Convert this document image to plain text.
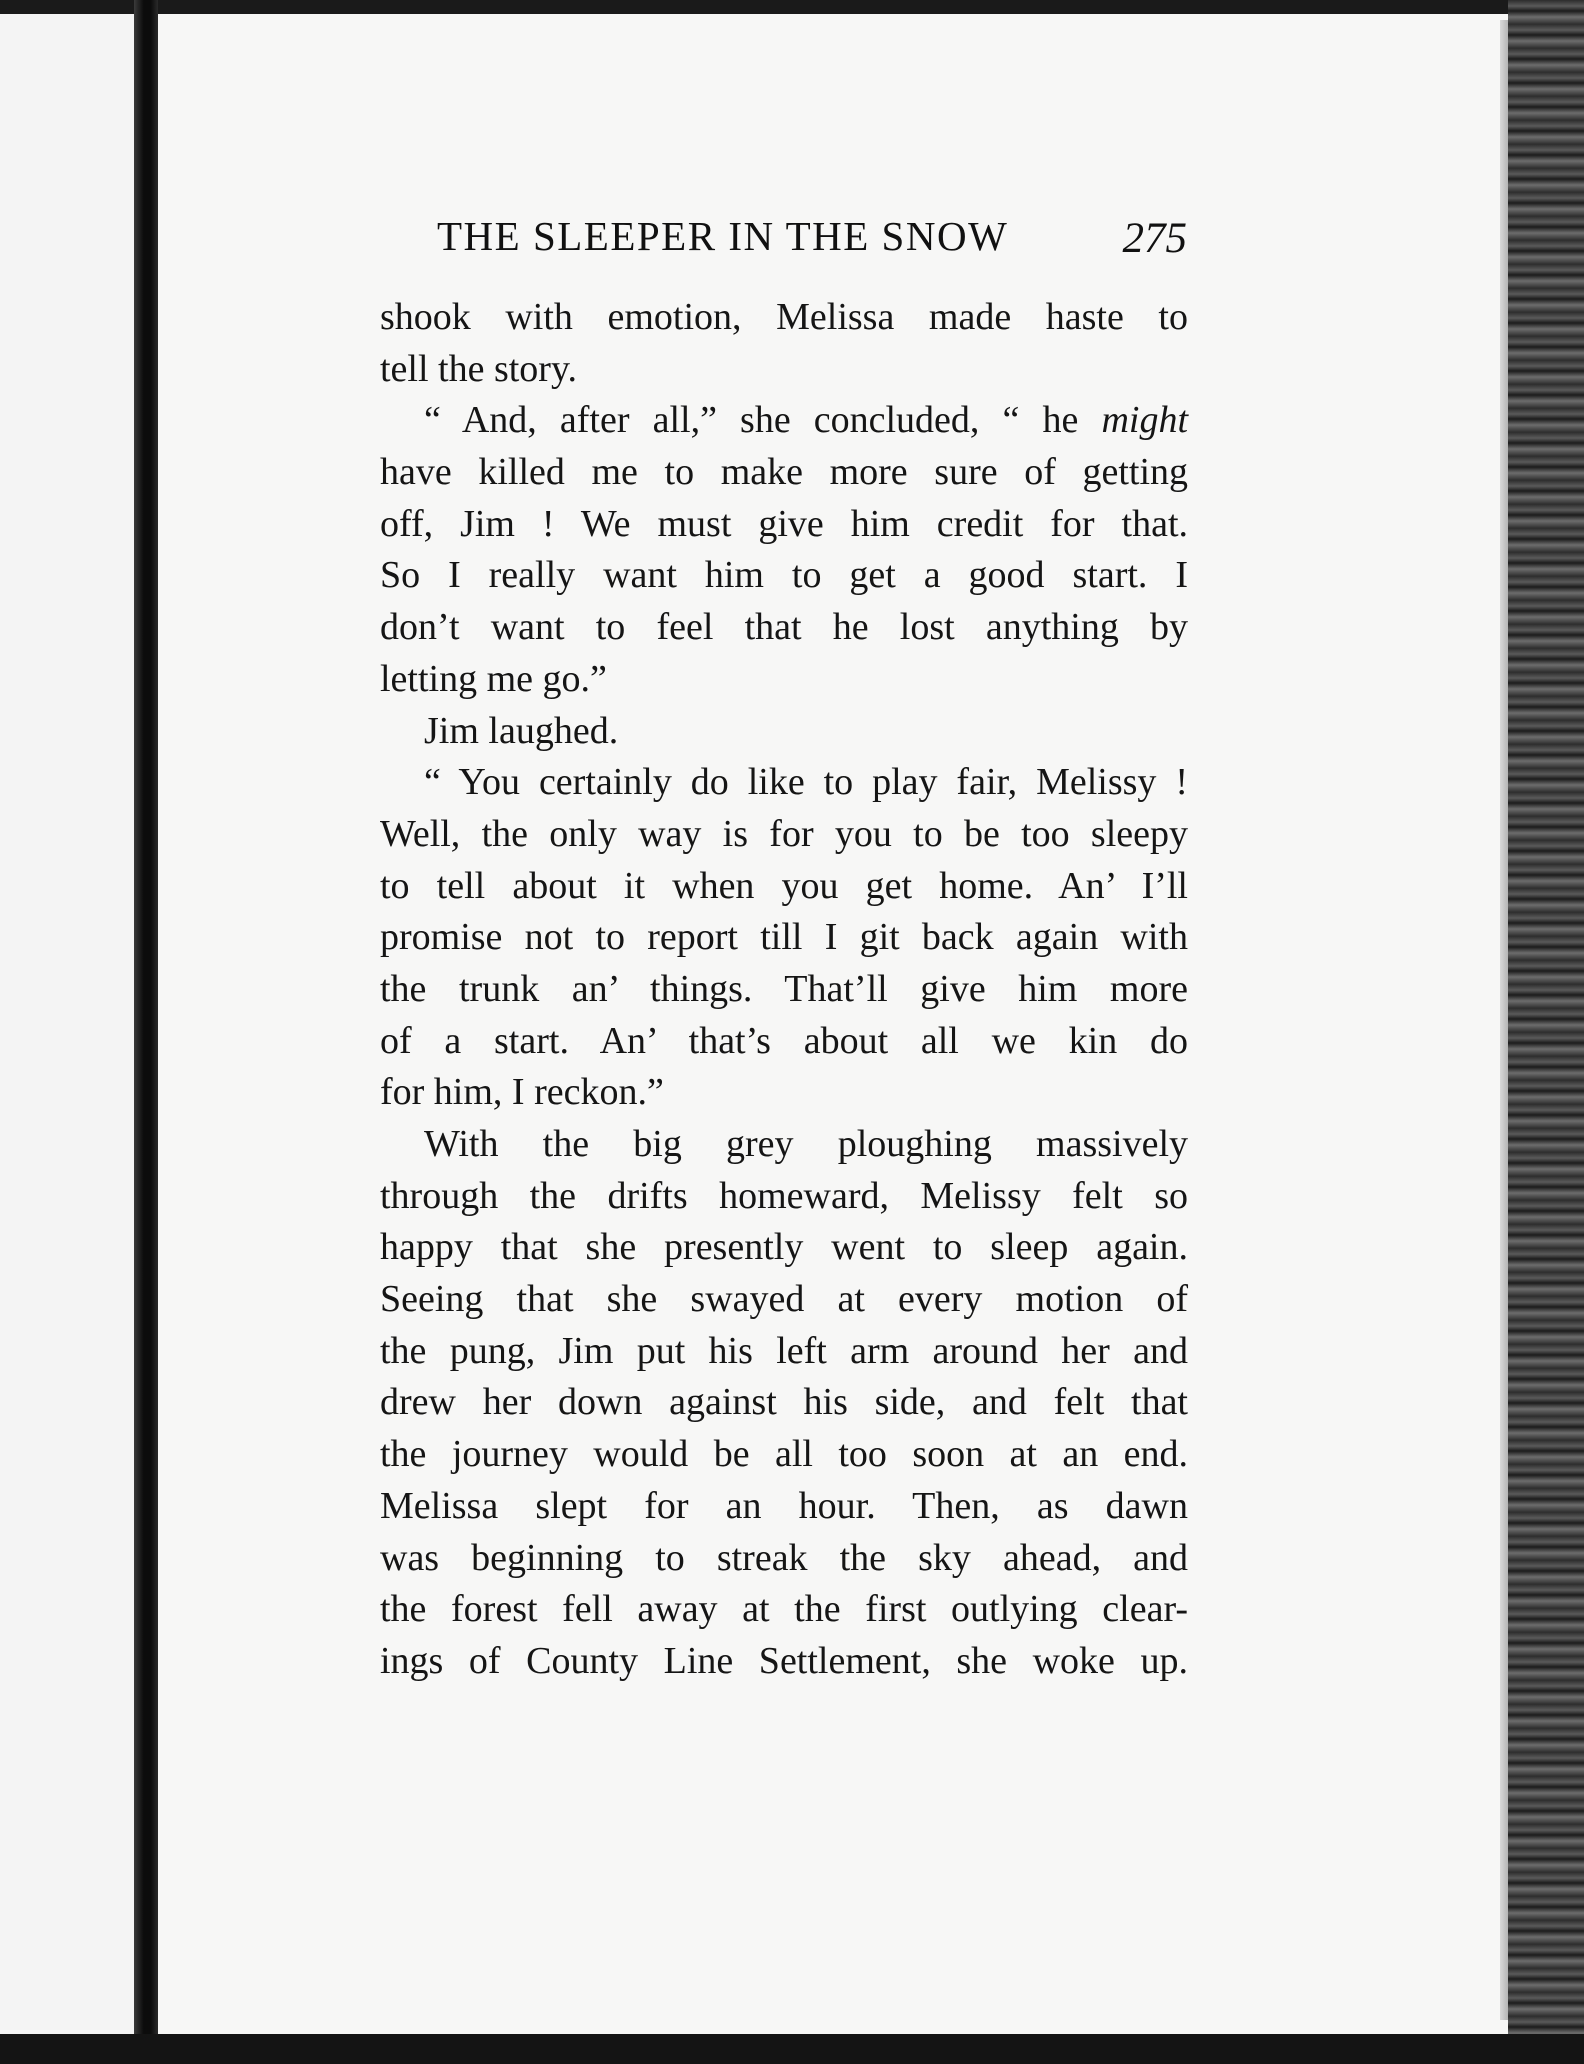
THE SLEEPER IN THE SNOW	275
shook with emotion, Melissa made haste to
tell the story.
“ And, after all,” she concluded, “ he might
have killed me to make more sure of getting
off, Jim ! We must give him credit for that.
So I really want him to get a good start. I
don’t want to feel that he lost anything by
letting me go.”
Jim laughed.
“ You certainly do like to play fair, Melissy !
Well, the only way is for you to be too sleepy
to tell about it when you get home. An’ I’ll
promise not to report till I git back again with
the trunk an’ things. That’ll give him more
of a start. An’ that’s about all we kin do
for him, I reckon.”
With the big grey ploughing massively
through the drifts homeward, Melissy felt so
happy that she presently went to sleep again.
Seeing that she swayed at every motion of
the pung, Jim put his left arm around her and
drew her down against his side, and felt that
the journey would be all too soon at an end.
Melissa slept for an hour. Then, as dawn
was beginning to streak the sky ahead, and
the forest fell away at the first outlying clear-
ings of County Line Settlement, she woke up.
